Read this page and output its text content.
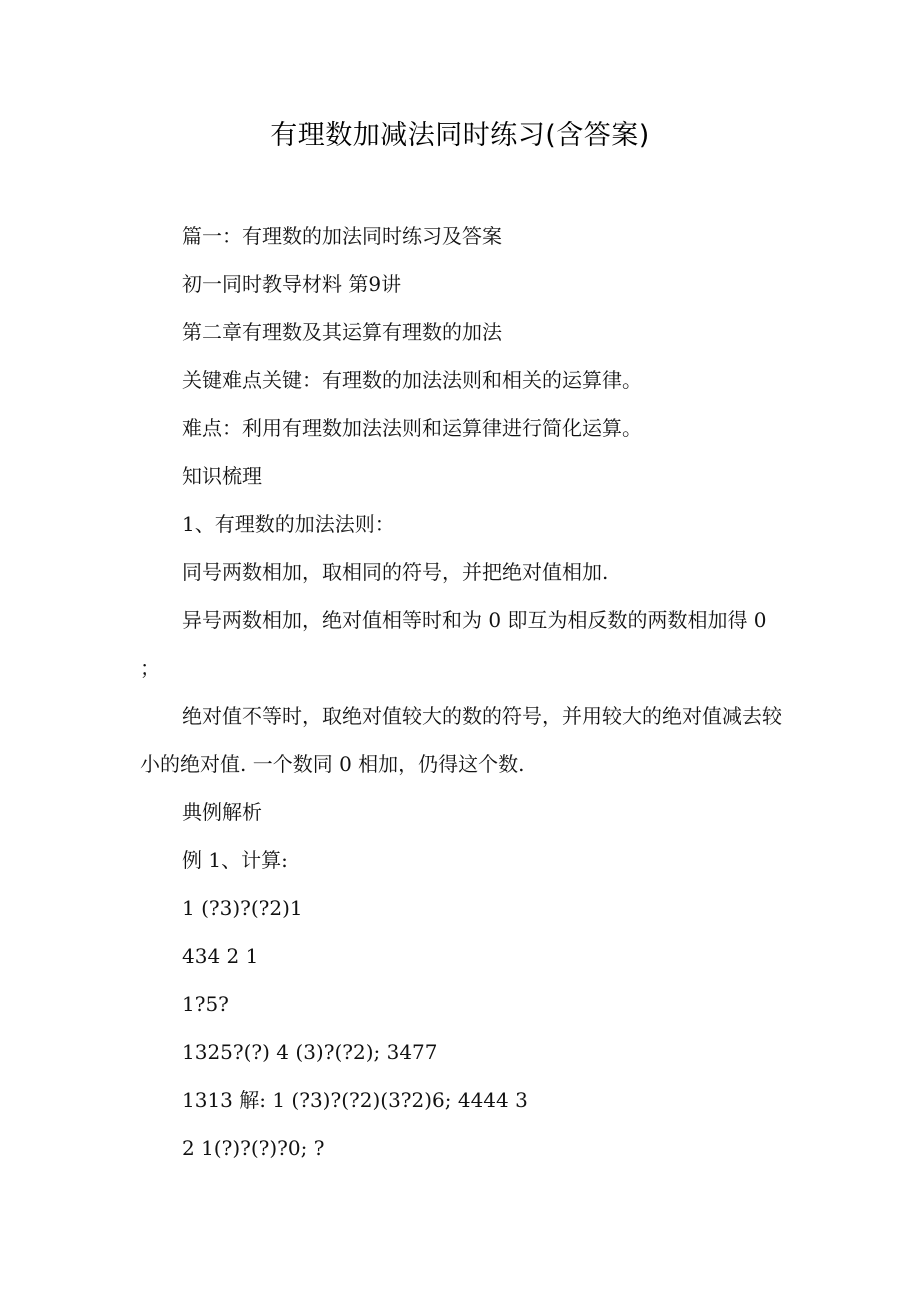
有理数加减法同时练习(含答案)

篇一：有理数的加法同时练习及答案

初一同时教导材料 第9讲

第二章有理数及其运算有理数的加法

关键难点关键：有理数的加法法则和相关的运算律。

难点：利用有理数加法法则和运算律进行简化运算。

知识梳理

1、有理数的加法法则：

同号两数相加，取相同的符号，并把绝对值相加.

异号两数相加，绝对值相等时和为 0 即互为相反数的两数相加得 0 ；

绝对值不等时，取绝对值较大的数的符号，并用较大的绝对值减去较小的绝对值. 一个数同 0 相加，仍得这个数.

典例解析

例 1、计算:

1 (?3)?(?2)1

434 2 1

1?5?

1325?(?) 4 (3)?(?2); 3477

1313 解: 1 (?3)?(?2)(3?2)6; 4444 3

2 1(?)?(?)?0; ?
